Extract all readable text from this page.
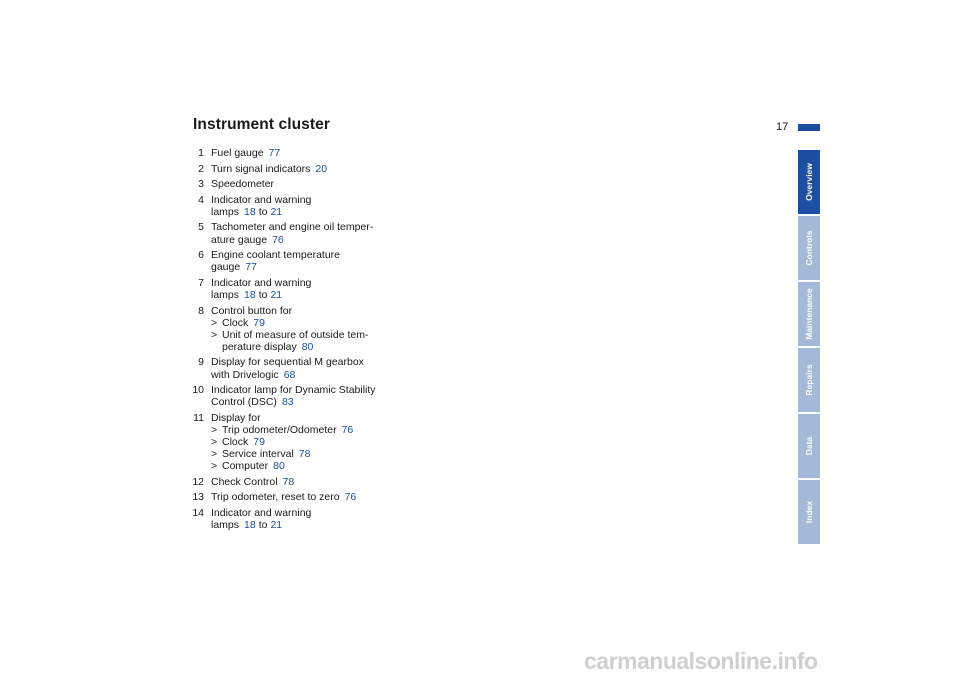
Instrument cluster	17
1 Fuel gauge 77
2 Turn signal indicators 20
3 Speedometer
4 Indicator and warning
lamps 18 to 21
5 Tachometer and engine oil temper-
ature gauge 76
6 Engine coolant temperature
gauge 77
7 Indicator and warning
lamps 18 to 21
8 Control button for
> Clock 79
> Unit of measure of outside tem-
perature display 80
9 Display for sequential M gearbox
with Drivelogic 68
10 Indicator lamp for Dynamic Stability
Control (DSC) 83
11 Display for
> Trip odometer/Odometer 76
> Clock 79
> Service interval 78
> Computer 80
12 Check Control 78
13 Trip odometer, reset to zero 76
14 Indicator and warning
lamps 18 to 21
Overview
Controls
Maintenance
Repairs
Data
Index
carmanualsonline.info
